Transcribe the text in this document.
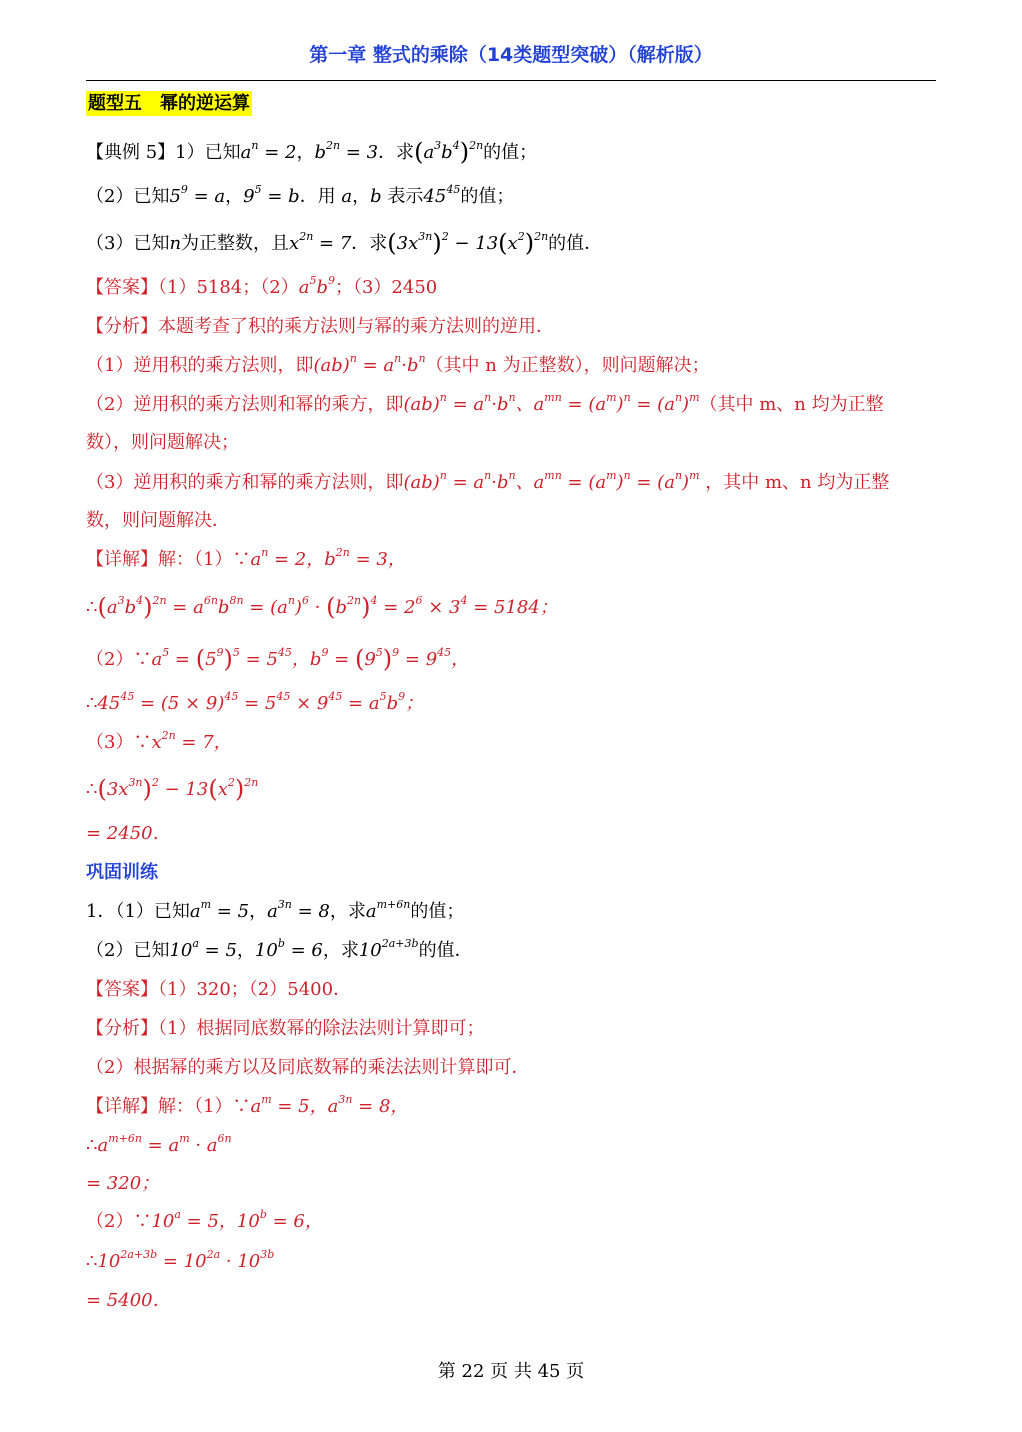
第一章 整式的乘除（14类题型突破）（解析版）
题型五　幂的逆运算
【典例 5】1）已知$a^n = 2$，$b^{2n} = 3$．求$(a^3b^4)^{2n}$的值；
（2）已知$5^9 = a$，$9^5 = b$．用 a，b 表示$45^{45}$的值；
（3）已知n为正整数，且$x^{2n} = 7$．求$(3x^{3n})^2 - 13(x^2)^{2n}$的值．
【答案】（1）5184；$(2)a^5b^9$；（3）2450
【分析】本题考查了积的乘方法则与幂的乘方法则的逆用．
（1）逆用积的乘方法则，即$(ab)^n = a^n\cdot b^n$（其中 n 为正整数），则问题解决；
（2）逆用积的乘方法则和幂的乘方，即$(ab)^n = a^n\cdot b^n$、$a^{mn} = (a^m)^n = (a^n)^m$（其中 m、n 均为正整
数），则问题解决；
（3）逆用积的乘方和幂的乘方法则，即$(ab)^n = a^n\cdot b^n$、$a^{mn} = (a^m)^n = (a^n)^m$ ，其中 m、n 均为正整
数，则问题解决．
【详解】解：$(1)\because a^n = 2$，$b^{2n} = 3$，
$\therefore(a^3b^4)^{2n} = a^{6n}b^{8n} = (a^n)^6 \cdot (b^{2n})^4 = 2^6 \times 3^4 = 5184$；
$(2)\because a^5 = (5^9)^5 = 5^{45}$，$b^9 = (9^5)^9 = 9^{45}$，
$\therefore 45^{45} = (5 \times 9)^{45} = 5^{45} \times 9^{45} = a^5b^9$；
$(3)\because x^{2n} = 7$，
$\therefore(3x^{3n})^2 - 13(x^2)^{2n}$
= 2450．
巩固训练
1．（1）已知$a^m = 5$，$a^{3n} = 8$，求$a^{m+6n}$的值；
（2）已知$10^a = 5$，$10^b = 6$，求$10^{2a+3b}$的值．
【答案】（1）320；（2）5400．
【分析】（1）根据同底数幂的除法法则计算即可；
（2）根据幂的乘方以及同底数幂的乘法法则计算即可．
【详解】解：$(1)\because a^m = 5$，$a^{3n} = 8$，
$\therefore a^{m+6n} = a^m \cdot a^{6n}$
= 320；
$(2)\because 10^a = 5$，$10^b = 6$，
$\therefore 10^{2a+3b} = 10^{2a} \cdot 10^{3b}$
= 5400．
第 22 页 共 45 页
